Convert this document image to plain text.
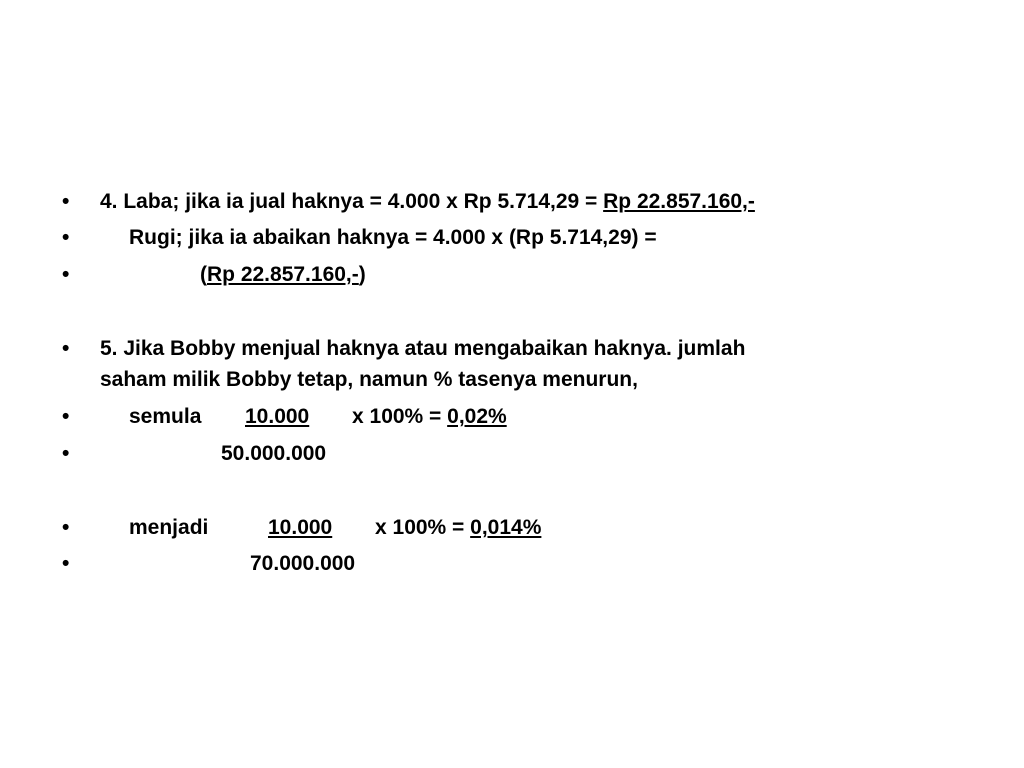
• 4. Laba; jika ia jual haknya = 4.000 x Rp 5.714,29 = Rp 22.857.160,-
•	Rugi; jika ia abaikan haknya = 4.000 x (Rp 5.714,29) =
•	(Rp 22.857.160,-)
• 5. Jika Bobby menjual haknya atau mengabaikan haknya. jumlah
saham milik Bobby tetap, namun % tasenya menurun,
•	semula 10.000 x 100% = 0,02%
•	50.000.000
•	menjadi	10.000 x 100% = 0,014%
•	70.000.000
